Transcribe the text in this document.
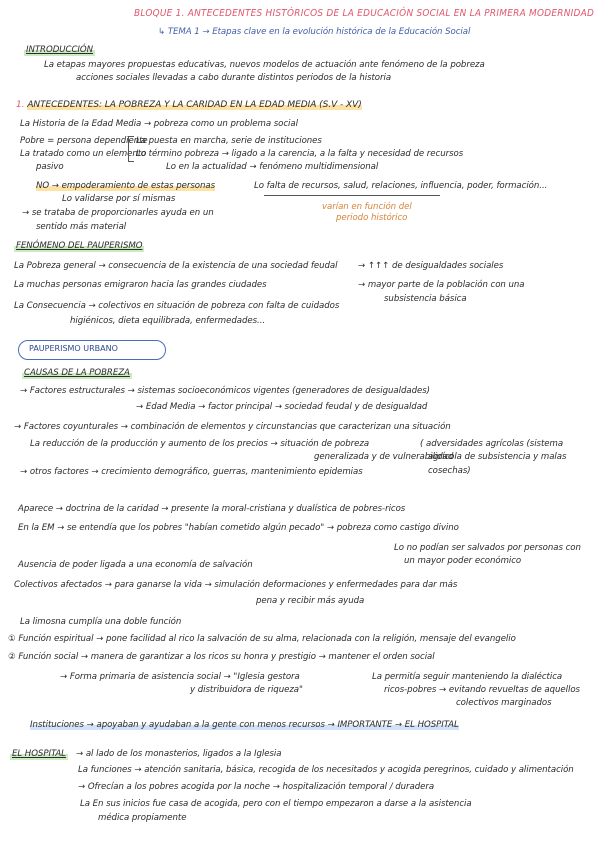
BLOQUE 1. ANTECEDENTES HISTÓRICOS DE LA EDUCACIÓN SOCIAL EN LA PRIMERA MODERNIDAD
↳ TEMA 1 → Etapas clave en la evolución histórica de la Educación Social
INTRODUCCIÓN
La etapas mayores propuestas educativas, nuevos modelos de actuación ante fenómeno de la pobreza
acciones sociales llevadas a cabo durante distintos periodos de la historia
1. ANTECEDENTES: LA POBREZA Y LA CARIDAD EN LA EDAD MEDIA (S.V - XV)
La Historia de la Edad Media → pobreza como un problema social
Pobre = persona dependiente
La puesta en marcha, serie de instituciones
La tratado como un elemento
Lo término pobreza → ligado a la carencia, a la falta y necesidad de recursos
pasivo	Lo en la actualidad → fenómeno multidimensional
NO → empoderamiento de estas personas	Lo falta de recursos, salud, relaciones, influencia, poder, formación...
Lo validarse por sí mismas
varían en función del
→ se trataba de proporcionarles ayuda en un	periodo histórico
sentido más material
FENÓMENO DEL PAUPERISMO
La Pobreza general → consecuencia de la existencia de una sociedad feudal → ↑↑↑ de desigualdades sociales
La muchas personas emigraron hacia las grandes ciudades	→ mayor parte de la población con una
La Consecuencia → colectivos en situación de pobreza con falta de cuidados
subsistencia básica
higiénicos, dieta equilibrada, enfermedades...
PAUPERISMO URBANO
CAUSAS DE LA POBREZA
→ Factores estructurales → sistemas socioeconómicos vigentes (generadores de desigualdades)
→ Edad Media → factor principal → sociedad feudal y de desigualdad
→ Factores coyunturales → combinación de elementos y circunstancias que caracterizan una situación
La reducción de la producción y aumento de los precios → situación de pobreza	( adversidades agrícolas (sistema
generalizada y de vulnerabilidad
agrícola de subsistencia y malas
→ otros factores → crecimiento demográfico, guerras, mantenimiento epidemias	cosechas)
Aparece → doctrina de la caridad → presente la moral-cristiana y dualística de pobres-ricos
En la EM → se entendía que los pobres "habían cometido algún pecado" → pobreza como castigo divino
Lo no podían ser salvados por personas con
un mayor poder económico
Ausencia de poder ligada a una economía de salvación
Colectivos afectados → para ganarse la vida → simulación deformaciones y enfermedades para dar más
pena y recibir más ayuda
La limosna cumplía una doble función
① Función espiritual → pone facilidad al rico la salvación de su alma, relacionada con la religión, mensaje del evangelio
② Función social → manera de garantizar a los ricos su honra y prestigio → mantener el orden social
→ Forma primaria de asistencia social → "Iglesia gestora	La permitía seguir manteniendo la dialéctica
y distribuidora de riqueza"	ricos-pobres → evitando revueltas de aquellos
colectivos marginados
Instituciones → apoyaban y ayudaban a la gente con menos recursos → IMPORTANTE → EL HOSPITAL
EL HOSPITAL → al lado de los monasterios, ligados a la Iglesia
La funciones → atención sanitaria, básica, recogida de los necesitados y acogida peregrinos, cuidado y alimentación
→ Ofrecían a los pobres acogida por la noche → hospitalización temporal / duradera
La En sus inicios fue casa de acogida, pero con el tiempo empezaron a darse a la asistencia
médica propiamente
